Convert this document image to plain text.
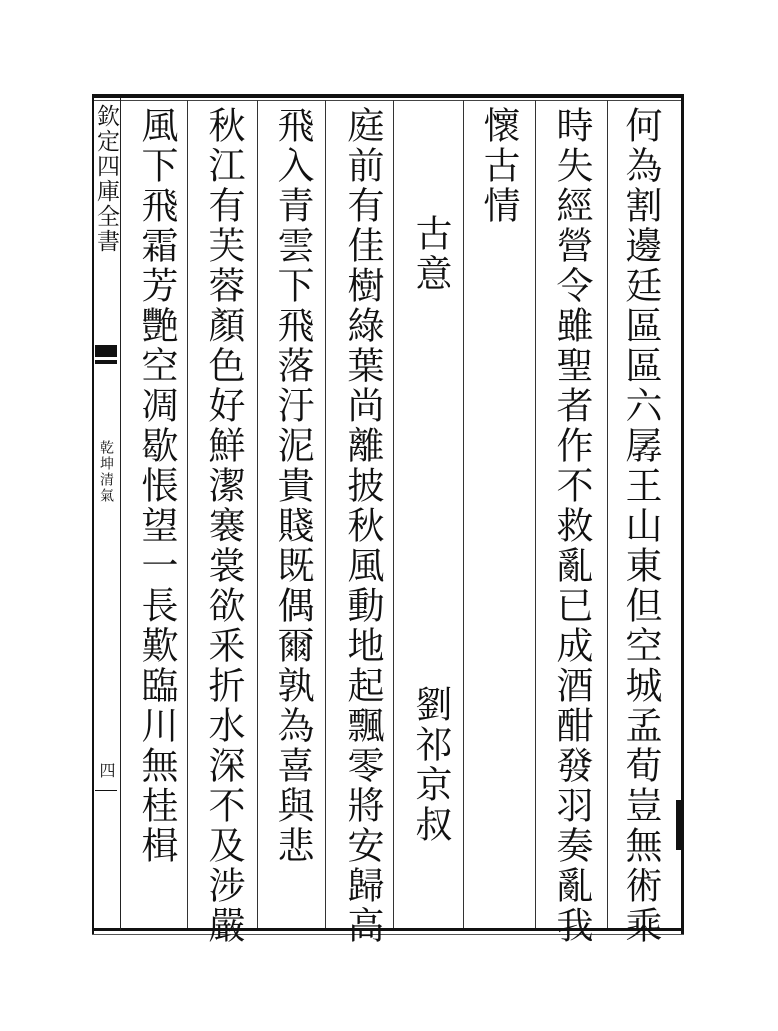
欽定四庫全書
乾坤清氣
四	何為割邊廷區區六孱王山東但空城孟荀豈無術乘
時失經營令雖聖者作不救亂已成酒酣發羽奏亂我
懷古情
古意
劉祁京叔
庭前有佳樹綠葉尚離披秋風動地起飄零將安歸高
飛入青雲下飛落汙泥貴賤既偶爾孰為喜與悲
秋江有芙蓉顏色好鮮潔褰裳欲釆折水深不及涉嚴
風下飛霜芳艷空凋歇悵望一長歎臨川無桂楫
